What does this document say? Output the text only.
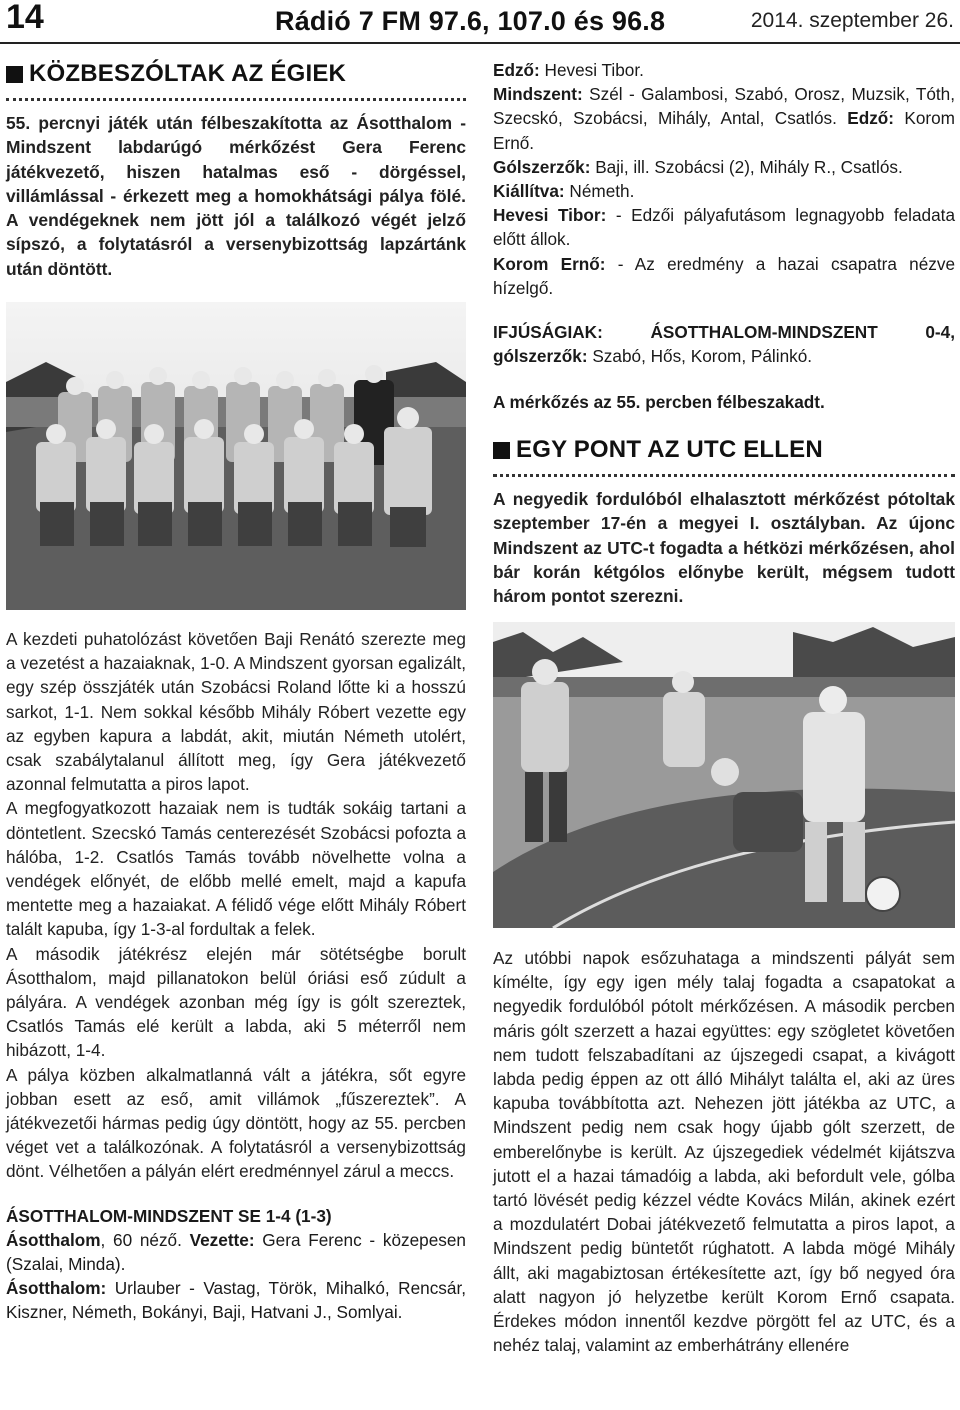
14	Rádió 7 FM 97.6, 107.0 és 96.8	2014. szeptember 26.
KÖZBESZÓLTAK AZ ÉGIEK

55. percnyi játék után félbeszakította az Ásotthalom - Mindszent labdarúgó mérkőzést Gera Ferenc játékvezető, hiszen hatalmas eső - dörgéssel, villámlással - érkezett meg a homokhátsági pálya fölé. A vendégeknek nem jött jól a találkozó végét jelző sípszó, a folytatásról a versenybizottság lapzártánk után döntött.

A kezdeti puhatolózást követően Baji Renátó szerezte meg a vezetést a hazaiaknak, 1-0. A Mindszent gyorsan egalizált, egy szép összjáték után Szobácsi Roland lőtte ki a hosszú sarkot, 1-1. Nem sokkal később Mihály Róbert vezette egy az egyben kapura a labdát, akit, miután Németh utolért, csak szabálytalanul állított meg, így Gera játékvezető azonnal felmutatta a piros lapot.

A megfogyatkozott hazaiak nem is tudták sokáig tartani a döntetlent. Szecskó Tamás centerezését Szobácsi pofozta a hálóba, 1-2. Csatlós Tamás tovább növelhette volna a vendégek előnyét, de előbb mellé emelt, majd a kapufa mentette meg a hazaiakat. A félidő vége előtt Mihály Róbert talált kapuba, így 1-3-al fordultak a felek.

A második játékrész elején már sötétségbe borult Ásotthalom, majd pillanatokon belül óriási eső zúdult a pályára. A vendégek azonban még így is gólt szereztek, Csatlós Tamás elé került a labda, aki 5 méterről nem hibázott, 1-4.

A pálya közben alkalmatlanná vált a játékra, sőt egyre jobban esett az eső, amit villámok „fűszereztek”. A játékvezetői hármas pedig úgy döntött, hogy az 55. percben véget vet a találkozónak. A folytatásról a versenybizottság dönt. Vélhetően a pályán elért eredménnyel zárul a meccs.

ÁSOTTHALOM-MINDSZENT SE 1-4 (1-3)

Ásotthalom, 60 néző. Vezette: Gera Ferenc - közepesen (Szalai, Minda).

Ásotthalom: Urlauber - Vastag, Török, Mihalkó, Rencsár, Kiszner, Németh, Bokányi, Baji, Hatvani J., Somlyai.

Edző: Hevesi Tibor.

Mindszent: Szél - Galambosi, Szabó, Orosz, Muzsik, Tóth, Szecskó, Szobácsi, Mihály, Antal, Csatlós. Edző: Korom Ernő.

Gólszerzők: Baji, ill. Szobácsi (2), Mihály R., Csatlós.

Kiállítva: Németh.

Hevesi Tibor: - Edzői pályafutásom legnagyobb feladata előtt állok.

Korom Ernő: - Az eredmény a hazai csapatra nézve hízelgő.

IFJÚSÁGIAK: ÁSOTTHALOM-MINDSZENT 0-4, gólszerzők: Szabó, Hős, Korom, Pálinkó.

A mérkőzés az 55. percben félbeszakadt.

EGY PONT AZ UTC ELLEN

A negyedik fordulóból elhalasztott mérkőzést pótoltak szeptember 17-én a megyei I. osztályban. Az újonc Mindszent az UTC-t fogadta a hétközi mérkőzésen, ahol bár korán kétgólos előnybe került, mégsem tudott három pontot szerezni.

Az utóbbi napok esőzuhataga a mindszenti pályát sem kímélte, így egy igen mély talaj fogadta a csapatokat a negyedik fordulóból pótolt mérkőzésen. A második percben máris gólt szerzett a hazai együttes: egy szögletet követően nem tudott felszabadítani az újszegedi csapat, a kivágott labda pedig éppen az ott álló Mihályt találta el, aki az üres kapuba továbbította azt. Nehezen jött játékba az UTC, a Mindszent pedig nem csak hogy újabb gólt szerzett, de emberelőnybe is került. Az újszegediek védelmét kijátszva jutott el a hazai támadóig a labda, aki befordult vele, gólba tartó lövését pedig kézzel védte Kovács Milán, akinek ezért a mozdulatért Dobai játékvezető felmutatta a piros lapot, a Mindszent pedig büntetőt rúghatott. A labda mögé Mihály állt, aki magabiztosan értékesítette azt, így bő negyed óra alatt nagyon jó helyzetbe került Korom Ernő csapata. Érdekes módon innentől kezdve pörgött fel az UTC, és a nehéz talaj, valamint az emberhátrány ellenére
